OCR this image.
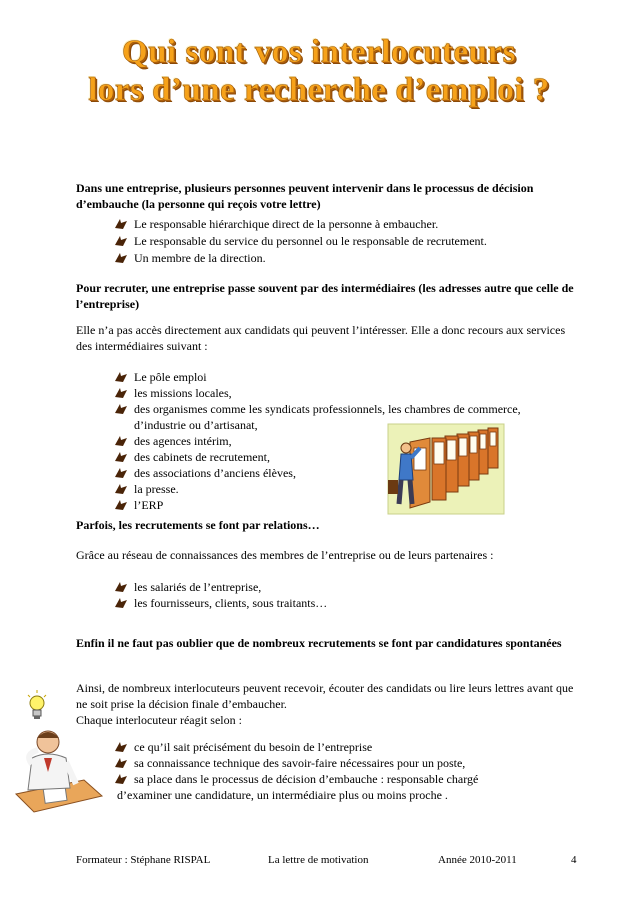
Qui sont vos interlocuteurs
lors d’une recherche d’emploi ?
Dans une entreprise, plusieurs personnes peuvent intervenir dans le processus de décision d’embauche (la personne qui reçois votre lettre)
Le responsable hiérarchique direct de la personne à embaucher.
Le responsable du service du personnel ou le responsable de recrutement.
Un membre de la direction.
Pour recruter, une entreprise passe souvent par des intermédiaires (les adresses autre que celle de l’entreprise)
Elle n’a pas accès directement aux candidats qui peuvent l’intéresser. Elle a donc recours aux services des intermédiaires suivant :
Le pôle emploi
les missions locales,
des organismes comme les syndicats professionnels, les chambres de commerce,
d’industrie ou d’artisanat,
des agences intérim,
des cabinets de recrutement,
des associations d’anciens élèves,
la presse.
l’ERP
Parfois, les recrutements se font par relations…
Grâce au réseau de connaissances des membres de l’entreprise ou de leurs partenaires :
les salariés de l’entreprise,
les fournisseurs, clients, sous traitants…
Enfin il ne faut pas oublier que de nombreux recrutements se font par candidatures spontanées
Ainsi, de nombreux interlocuteurs peuvent recevoir, écouter des candidats ou lire leurs lettres avant que ne soit prise la décision finale d’embaucher.
Chaque interlocuteur réagit selon :
ce qu’il sait précisément du besoin de l’entreprise
sa connaissance technique des savoir-faire nécessaires pour un poste,
sa place dans le processus de décision d’embauche : responsable chargé
d’examiner une candidature, un intermédiaire plus ou moins proche .
Formateur : Stéphane RISPAL	La lettre de motivation	Année 2010-2011	4
